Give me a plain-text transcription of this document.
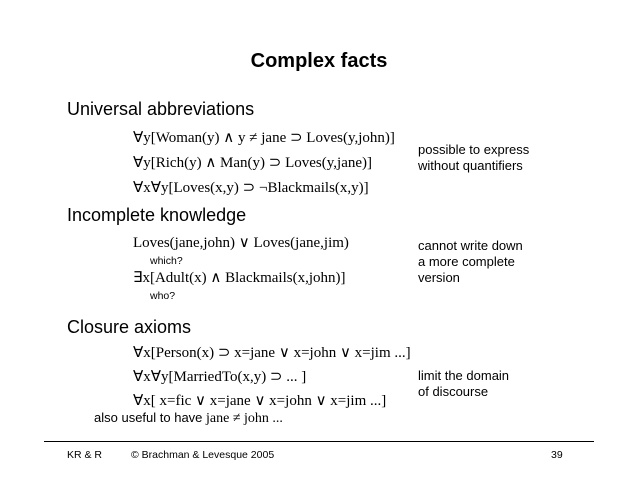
Complex facts
Universal abbreviations
∀y[Woman(y) ∧ y ≠ jane ⊃ Loves(y,john)]
∀y[Rich(y) ∧ Man(y) ⊃ Loves(y,jane)]
∀x∀y[Loves(x,y) ⊃ ¬Blackmails(x,y)]
possible to express
without quantifiers
Incomplete knowledge
Loves(jane,john) ∨ Loves(jane,jim)
which?
∃x[Adult(x) ∧ Blackmails(x,john)]
who?
cannot write down
a more complete
version
Closure axioms
∀x[Person(x) ⊃ x=jane ∨ x=john ∨ x=jim ...]
∀x∀y[MarriedTo(x,y) ⊃ ... ]
∀x[ x=fic ∨ x=jane ∨ x=john ∨ x=jim ...]
limit the domain
of discourse
also useful to have jane ≠ john ...
KR & R	© Brachman & Levesque 2005	39
